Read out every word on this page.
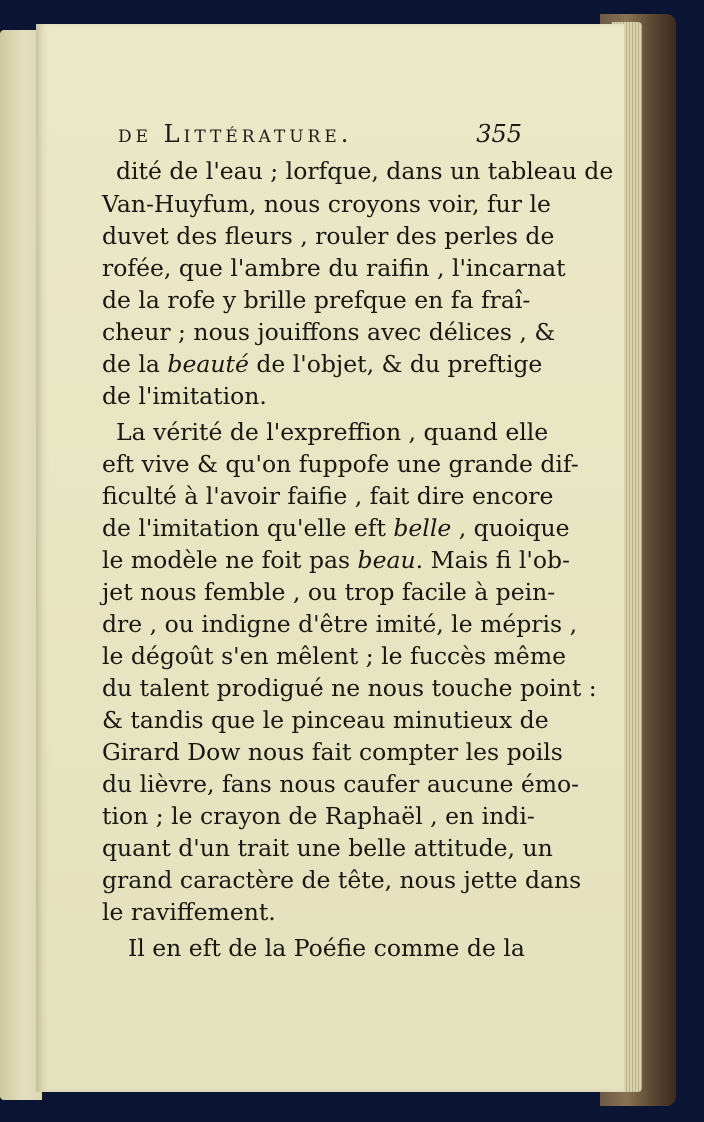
de Littérature.	355
dité de l'eau ; lorfque, dans un tableau de
Van-Huyfum, nous croyons voir, fur le
duvet des fleurs , rouler des perles de
rofée, que l'ambre du raifin , l'incarnat
de la rofe y brille prefque en fa fraî-
cheur ; nous jouiffons avec délices , &
de la beauté de l'objet, & du preftige
de l'imitation.
La vérité de l'expreffion , quand elle
eft vive & qu'on fuppofe une grande dif-
ficulté à l'avoir faifie , fait dire encore
de l'imitation qu'elle eft belle , quoique
le modèle ne foit pas beau. Mais fi l'ob-
jet nous femble , ou trop facile à pein-
dre , ou indigne d'être imité, le mépris ,
le dégoût s'en mêlent ; le fuccès même
du talent prodigué ne nous touche point :
& tandis que le pinceau minutieux de
Girard Dow nous fait compter les poils
du lièvre, fans nous caufer aucune émo-
tion ; le crayon de Raphaël , en indi-
quant d'un trait une belle attitude, un
grand caractère de tête, nous jette dans
le raviffement.
Il en eft de la Poéfie comme de la
